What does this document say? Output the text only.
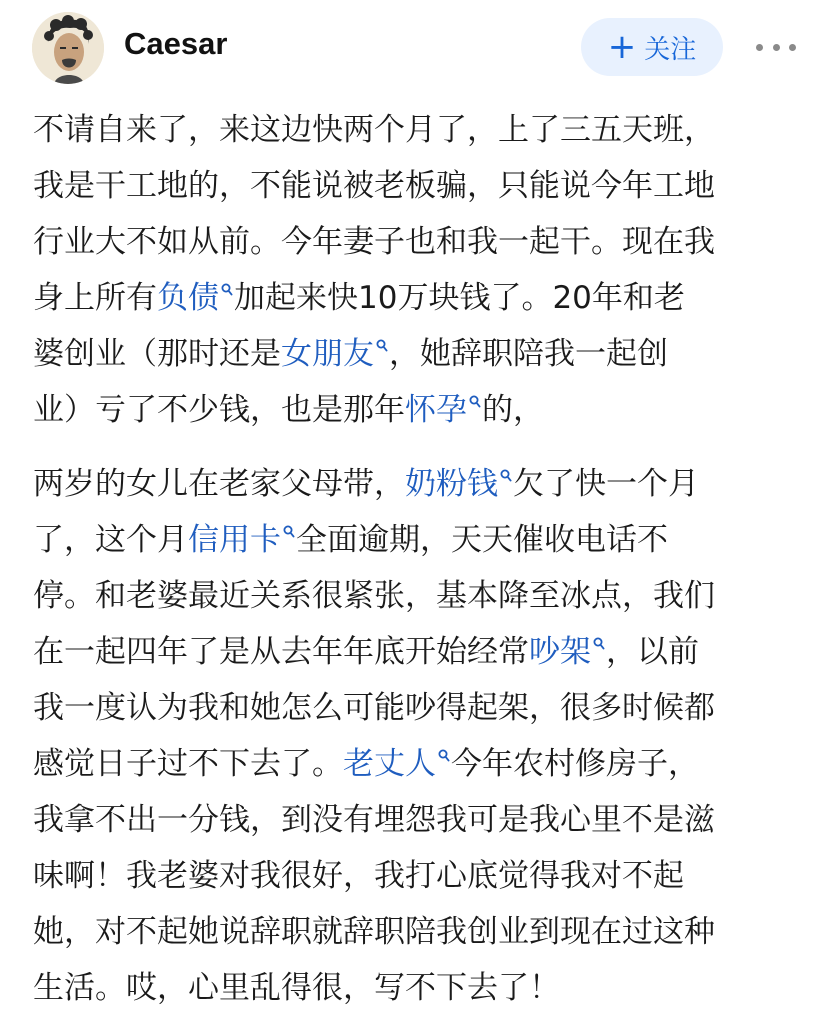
Caesar	+ 关注
不请自来了，来这边快两个月了，上了三五天班，
我是干工地的，不能说被老板骗，只能说今年工地
行业大不如从前。今年妻子也和我一起干。现在我
身上所有负债 加起来快10万块钱了。20年和老
婆创业（那时还是女朋友 ，她辞职陪我一起创
业）亏了不少钱，也是那年怀孕 的，
两岁的女儿在老家父母带，奶粉钱 欠了快一个月
了，这个月信用卡 全面逾期，天天催收电话不
停。和老婆最近关系很紧张，基本降至冰点，我们
在一起四年了是从去年年底开始经常吵架 ，以前
我一度认为我和她怎么可能吵得起架，很多时候都
感觉日子过不下去了。老丈人 今年农村修房子，
我拿不出一分钱，到没有埋怨我可是我心里不是滋
味啊！我老婆对我很好，我打心底觉得我对不起
她，对不起她说辞职就辞职陪我创业到现在过这种
生活。哎，心里乱得很，写不下去了！
